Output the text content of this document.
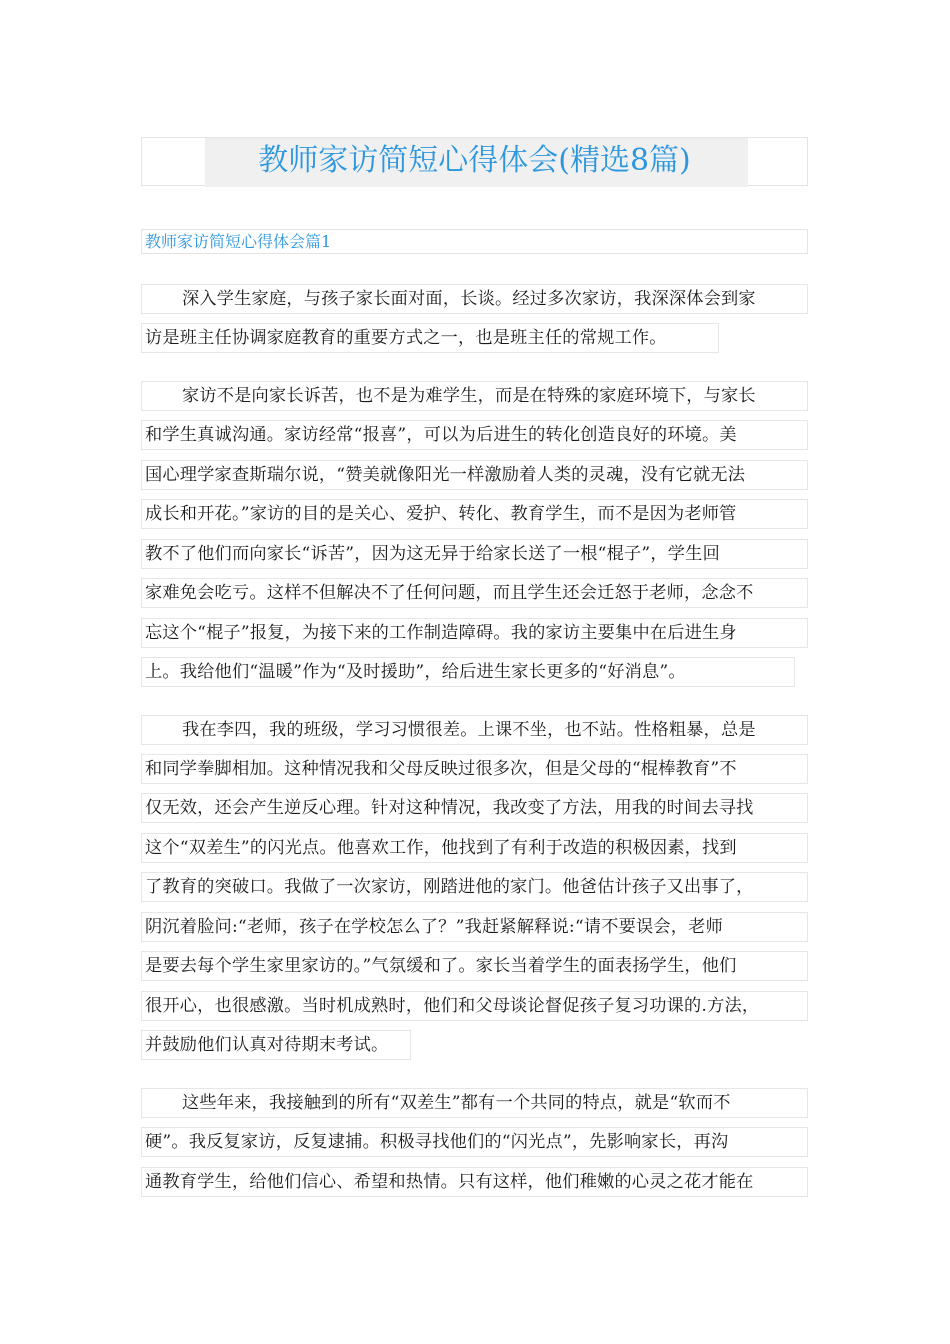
教师家访简短心得体会(精选8篇)
教师家访简短心得体会篇1
深入学生家庭，与孩子家长面对面，长谈。经过多次家访，我深深体会到家
访是班主任协调家庭教育的重要方式之一，也是班主任的常规工作。
家访不是向家长诉苦，也不是为难学生，而是在特殊的家庭环境下，与家长
和学生真诚沟通。家访经常“报喜”，可以为后进生的转化创造良好的环境。美
国心理学家查斯瑞尔说，“赞美就像阳光一样激励着人类的灵魂，没有它就无法
成长和开花。”家访的目的是关心、爱护、转化、教育学生，而不是因为老师管
教不了他们而向家长“诉苦”，因为这无异于给家长送了一根“棍子”，学生回
家难免会吃亏。这样不但解决不了任何问题，而且学生还会迁怒于老师，念念不
忘这个“棍子”报复，为接下来的工作制造障碍。我的家访主要集中在后进生身
上。我给他们“温暖”作为“及时援助”，给后进生家长更多的“好消息”。
我在李四，我的班级，学习习惯很差。上课不坐，也不站。性格粗暴，总是
和同学拳脚相加。这种情况我和父母反映过很多次，但是父母的“棍棒教育”不
仅无效，还会产生逆反心理。针对这种情况，我改变了方法，用我的时间去寻找
这个“双差生”的闪光点。他喜欢工作，他找到了有利于改造的积极因素，找到
了教育的突破口。我做了一次家访，刚踏进他的家门。他爸估计孩子又出事了，
阴沉着脸问:“老师，孩子在学校怎么了？”我赶紧解释说:“请不要误会，老师
是要去每个学生家里家访的。”气氛缓和了。家长当着学生的面表扬学生，他们
很开心，也很感激。当时机成熟时，他们和父母谈论督促孩子复习功课的.方法，
并鼓励他们认真对待期末考试。
这些年来，我接触到的所有“双差生”都有一个共同的特点，就是“软而不
硬”。我反复家访，反复逮捕。积极寻找他们的“闪光点”，先影响家长，再沟
通教育学生，给他们信心、希望和热情。只有这样，他们稚嫩的心灵之花才能在
